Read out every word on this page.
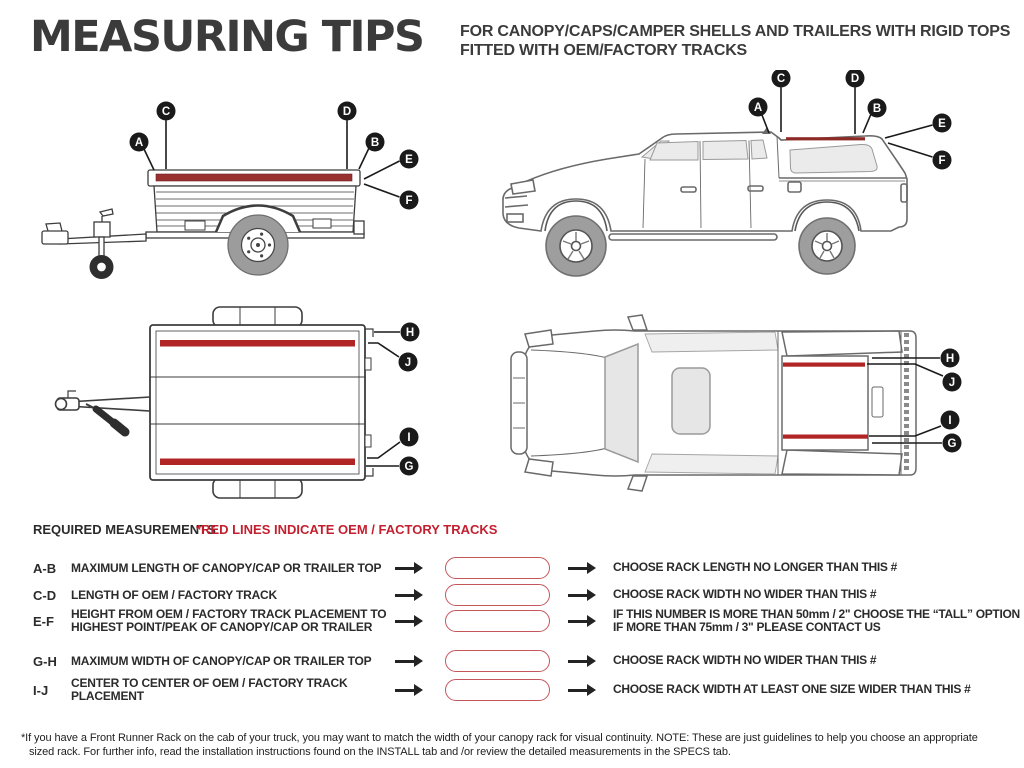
MEASURING TIPS FOR CANOPY/CAPS/CAMPER SHELLS AND TRAILERS WITH RIGID TOPS
FITTED WITH OEM/FACTORY TRACKS
A
C	D
B
E
F
A
C	D
B
E
F
H
J
I
G
H
J
I
G
REQUIRED MEASUREMENTS
*RED LINES INDICATE OEM / FACTORY TRACKS
A-B	MAXIMUM LENGTH OF CANOPY/CAP OR TRAILER TOP	CHOOSE RACK LENGTH NO LONGER THAN THIS #
C-D	LENGTH OF OEM / FACTORY TRACK	CHOOSE RACK WIDTH NO WIDER THAN THIS #
E-F	HEIGHT FROM OEM / FACTORY TRACK PLACEMENT TO
HIGHEST POINT/PEAK OF CANOPY/CAP OR TRAILER
IF THIS NUMBER IS MORE THAN 50mm / 2" CHOOSE THE “TALL” OPTION
IF MORE THAN 75mm / 3" PLEASE CONTACT US
G-H	MAXIMUM WIDTH OF CANOPY/CAP OR TRAILER TOP	CHOOSE RACK WIDTH NO WIDER THAN THIS #
I-J	CENTER TO CENTER OF OEM / FACTORY TRACK PLACEMENT	CHOOSE RACK WIDTH AT LEAST ONE SIZE WIDER THAN THIS #
*If you have a Front Runner Rack on the cab of your truck, you may want to match the width of your canopy rack for visual continuity. NOTE: These are just guidelines to help you choose an appropriate
sized rack. For further info, read the installation instructions found on the INSTALL tab and /or review the detailed measurements in the SPECS tab.
